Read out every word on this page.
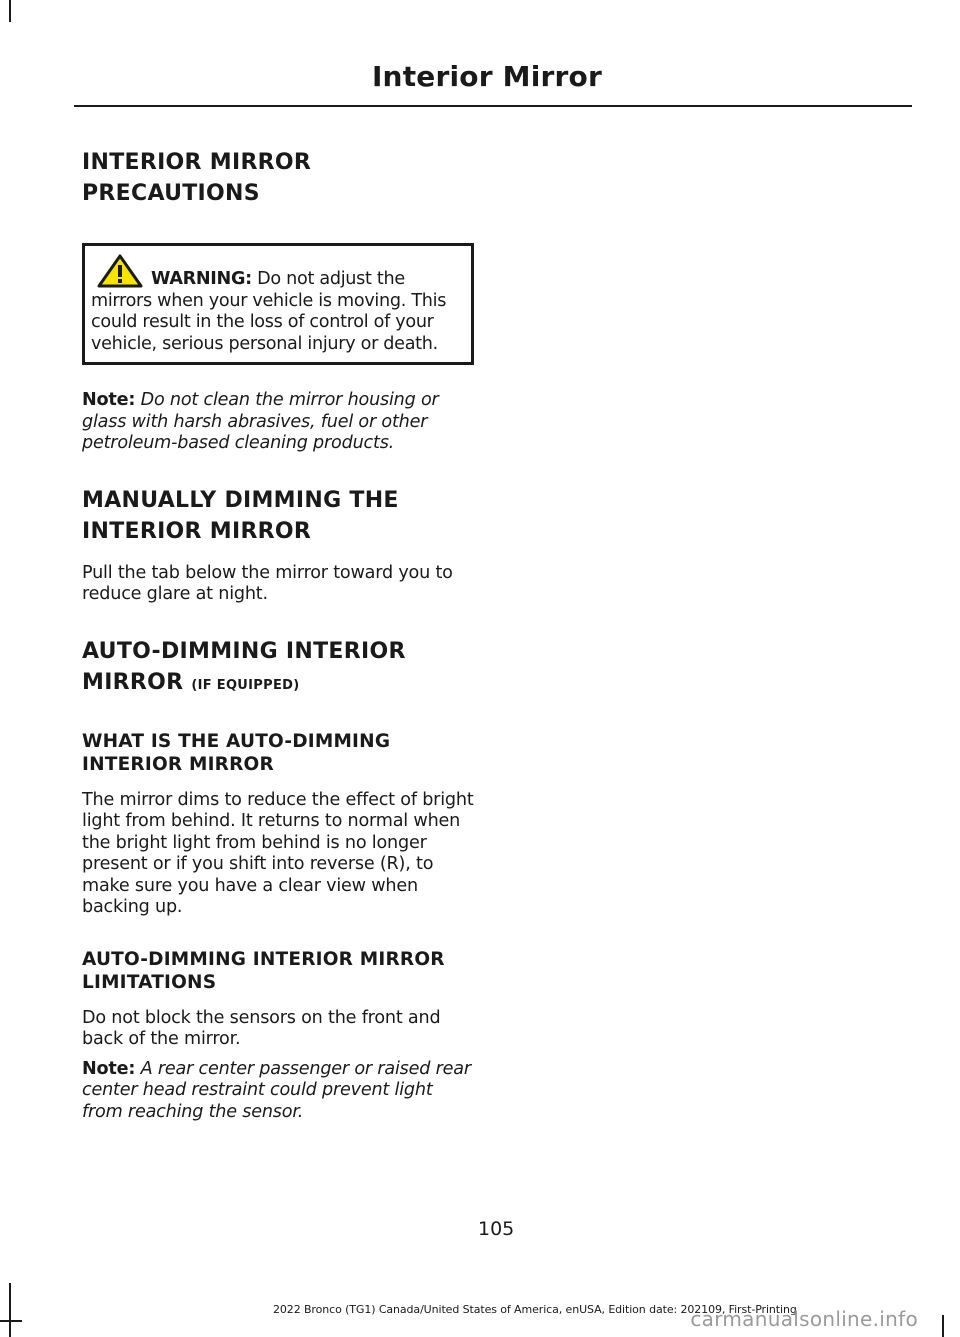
Interior Mirror
INTERIOR MIRROR
PRECAUTIONS

WARNING: Do not adjust the mirrors when your vehicle is moving. This could result in the loss of control of your vehicle, serious personal injury or death.

Note: Do not clean the mirror housing or glass with harsh abrasives, fuel or other petroleum-based cleaning products.

MANUALLY DIMMING THE
INTERIOR MIRROR

Pull the tab below the mirror toward you to reduce glare at night.

AUTO-DIMMING INTERIOR
MIRROR (IF EQUIPPED)
WHAT IS THE AUTO-DIMMING INTERIOR MIRROR

The mirror dims to reduce the effect of bright light from behind. It returns to normal when the bright light from behind is no longer present or if you shift into reverse (R), to make sure you have a clear view when backing up.

AUTO-DIMMING INTERIOR MIRROR LIMITATIONS

Do not block the sensors on the front and back of the mirror.

Note: A rear center passenger or raised rear center head restraint could prevent light from reaching the sensor.

105
2022 Bronco (TG1) Canada/United States of America, enUSA, Edition date: 202109, First-Printing
carmanualsonline.info
